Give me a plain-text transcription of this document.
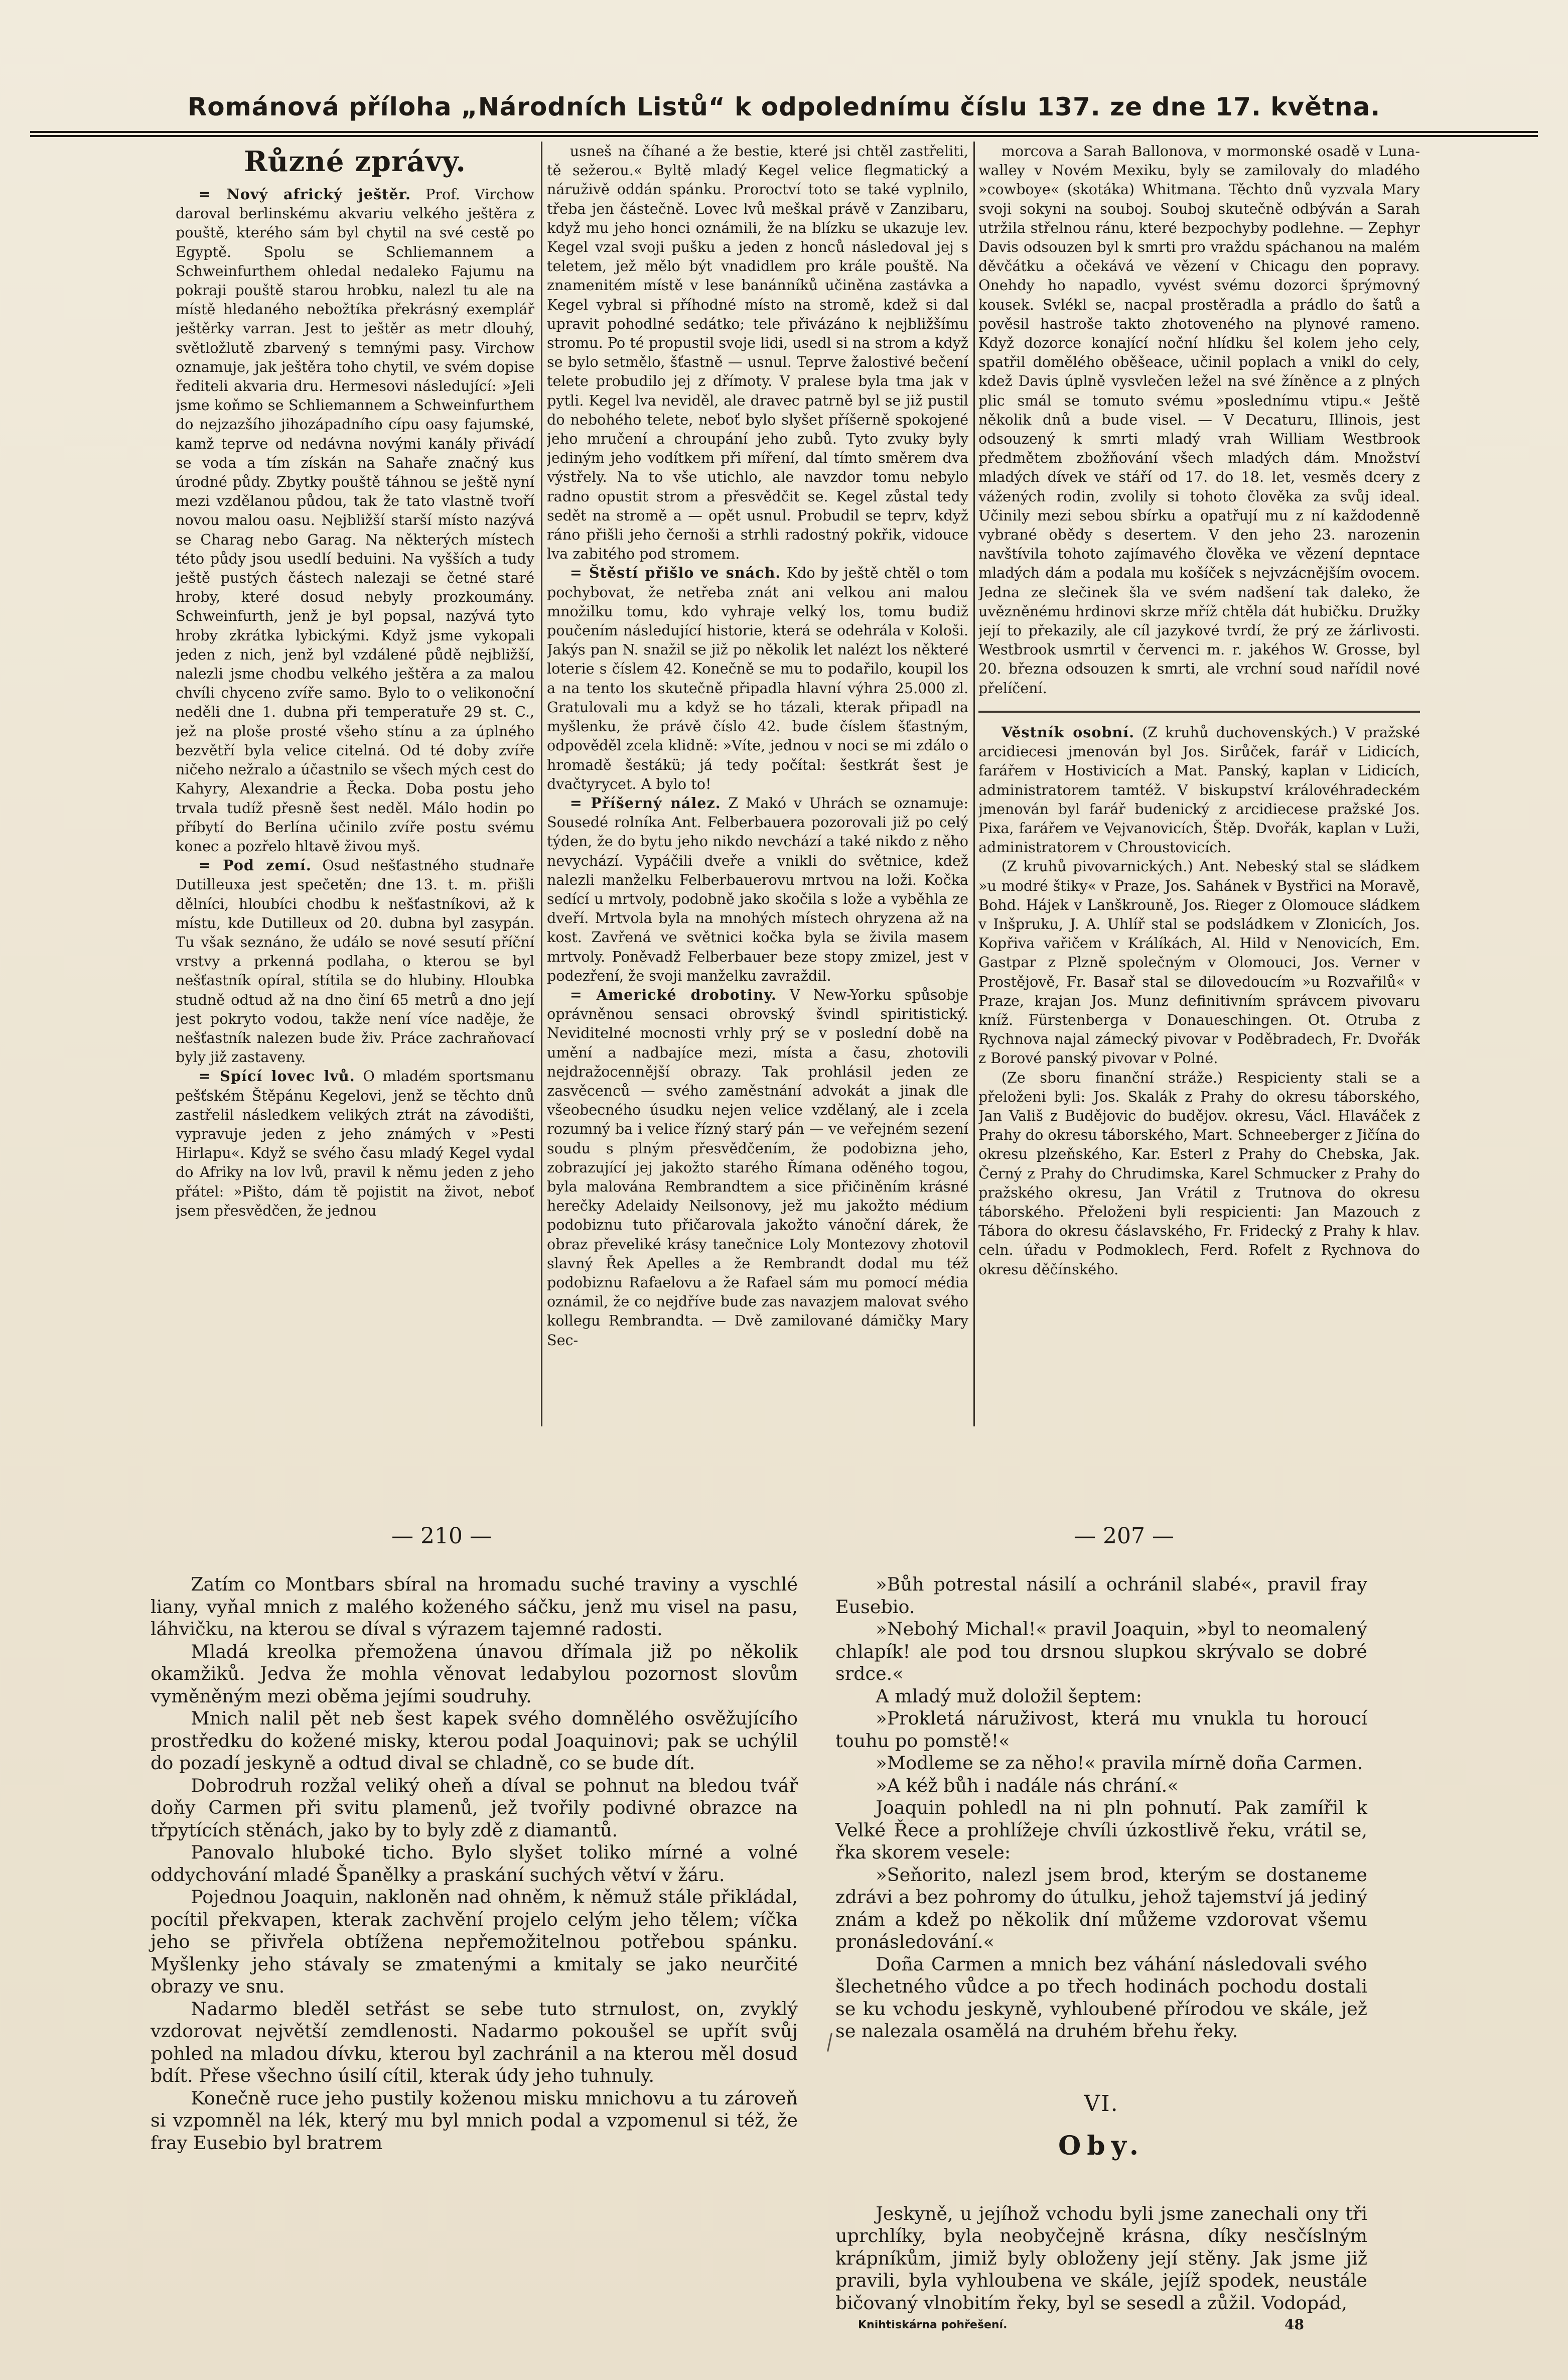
Románová příloha „Národních Listů“ k odpolednímu číslu 137. ze dne 17. května.
Různé zprávy.

= Nový africký ještěr. Prof. Virchow daroval berlinskému akvariu velkého ještěra z pouště, kterého sám byl chytil na své cestě po Egyptě. Spolu se Schliemannem a Schweinfurthem ohledal nedaleko Fajumu na pokraji pouště starou hrobku, nalezl tu ale na místě hledaného nebožtíka překrásný exemplář ještěrky varran. Jest to ještěr as metr dlouhý, světložlutě zbarvený s temnými pasy. Virchow oznamuje, jak ještěra toho chytil, ve svém dopise řediteli akvaria dru. Hermesovi následující: »Jeli jsme koňmo se Schliemannem a Schweinfurthem do nejzazšího jihozápadního cípu oasy fajumské, kamž teprve od nedávna novými kanály přivádí se voda a tím získán na Sahaře značný kus úrodné půdy. Zbytky pouště táhnou se ještě nyní mezi vzdělanou půdou, tak že tato vlastně tvoří novou malou oasu. Nejbližší starší místo nazývá se Charag nebo Garag. Na některých místech této půdy jsou usedlí beduini. Na vyšších a tudy ještě pustých částech nalezaji se četné staré hroby, které dosud nebyly prozkoumány. Schweinfurth, jenž je byl popsal, nazývá tyto hroby zkrátka lybickými. Když jsme vykopali jeden z nich, jenž byl vzdálené půdě nejbližší, nalezli jsme chodbu velkého ještěra a za malou chvíli chyceno zvíře samo. Bylo to o velikonoční neděli dne 1. dubna při temperatuře 29 st. C., jež na ploše prosté všeho stínu a za úplného bezvětří byla velice citelná. Od té doby zvíře ničeho nežralo a účastnilo se všech mých cest do Kahyry, Alexandrie a Řecka. Doba postu jeho trvala tudíž přesně šest neděl. Málo hodin po příbytí do Berlína učinilo zvíře postu svému konec a pozřelo hltavě živou myš.

= Pod zemí. Osud nešťastného studnaře Dutilleuxa jest spečetěn; dne 13. t. m. přišli dělníci, hloubíci chodbu k nešťastníkovi, až k místu, kde Dutilleux od 20. dubna byl zasypán. Tu však seznáno, že událo se nové sesutí příční vrstvy a prkenná podlaha, o kterou se byl nešťastník opíral, stítila se do hlubiny. Hloubka studně odtud až na dno činí 65 metrů a dno její jest pokryto vodou, takže není více naděje, že nešťastník nalezen bude živ. Práce zachraňovací byly již zastaveny.

= Spící lovec lvů. O mladém sportsmanu pešťském Štěpánu Kegelovi, jenž se těchto dnů zastřelil následkem velikých ztrát na závodišti, vypravuje jeden z jeho známých v »Pesti Hirlapu«. Když se svého času mladý Kegel vydal do Afriky na lov lvů, pravil k němu jeden z jeho přátel: »Pišto, dám tě pojistit na život, neboť jsem přesvědčen, že jednou

usneš na číhané a že bestie, které jsi chtěl zastřeliti, tě sežerou.« Byltě mladý Kegel velice flegmatický a náruživě oddán spánku. Proroctví toto se také vyplnilo, třeba jen částečně. Lovec lvů meškal právě v Zanzibaru, když mu jeho honci oznámili, že na blízku se ukazuje lev. Kegel vzal svoji pušku a jeden z honců následoval jej s teletem, jež mělo být vnadidlem pro krále pouště. Na znamenitém místě v lese banánníků učiněna zastávka a Kegel vybral si příhodné místo na stromě, kdež si dal upravit pohodlné sedátko; tele přivázáno k nejbližšímu stromu. Po té propustil svoje lidi, usedl si na strom a když se bylo setmělo, šťastně — usnul. Teprve žalostivé bečení telete probudilo jej z dřímoty. V pralese byla tma jak v pytli. Kegel lva neviděl, ale dravec patrně byl se již pustil do nebohého telete, neboť bylo slyšet příšerně spokojené jeho mručení a chroupání jeho zubů. Tyto zvuky byly jediným jeho vodítkem při míření, dal tímto směrem dva výstřely. Na to vše utichlo, ale navzdor tomu nebylo radno opustit strom a přesvědčit se. Kegel zůstal tedy sedět na stromě a — opět usnul. Probudil se teprv, když ráno přišli jeho černoši a strhli radostný pokřik, vidouce lva zabitého pod stromem.

= Štěstí přišlo ve snách. Kdo by ještě chtěl o tom pochybovat, že netřeba znát ani velkou ani malou množilku tomu, kdo vyhraje velký los, tomu budiž poučením následující historie, která se odehrála v Kološi. Jakýs pan N. snažil se již po několik let nalézt los některé loterie s číslem 42. Konečně se mu to podařilo, koupil los a na tento los skutečně připadla hlavní výhra 25.000 zl. Gratulovali mu a když se ho tázali, kterak připadl na myšlenku, že právě číslo 42. bude číslem šťastným, odpověděl zcela klidně: »Víte, jednou v noci se mi zdálo o hromadě šestákü; já tedy počítal: šestkrát šest je dvačtyrycet. A bylo to!

= Příšerný nález. Z Makó v Uhrách se oznamuje: Sousedé rolníka Ant. Felberbauera pozorovali již po celý týden, že do bytu jeho nikdo nevchází a také nikdo z něho nevychází. Vypáčili dveře a vnikli do světnice, kdež nalezli manželku Felberbauerovu mrtvou na loži. Kočka sedící u mrtvoly, podobně jako skočila s lože a vyběhla ze dveří. Mrtvola byla na mnohých místech ohryzena až na kost. Zavřená ve světnici kočka byla se živila masem mrtvoly. Poněvadž Felberbauer beze stopy zmizel, jest v podezření, že svoji manželku zavraždil.

= Americké drobotiny. V New-Yorku spůsobje oprávněnou sensaci obrovský švindl spiritistický. Neviditelné mocnosti vrhly prý se v poslední době na umění a nadbajíce mezi, místa a času, zhotovili nejdražocennější obrazy. Tak prohlásil jeden ze zasvěcenců — svého zaměstnání advokát a jinak dle všeobecného úsudku nejen velice vzdělaný, ale i zcela rozumný ba i velice řízný starý pán — ve veřejném sezení soudu s plným přesvědčením, že podobizna jeho, zobrazující jej jakožto starého Římana oděného togou, byla malována Rembrandtem a sice přičiněním krásné herečky Adelaidy Neilsonovy, jež mu jakožto médium podobiznu tuto přičarovala jakožto vánoční dárek, že obraz převeliké krásy tanečnice Loly Montezovy zhotovil slavný Řek Apelles a že Rembrandt dodal mu též podobiznu Rafaelovu a že Rafael sám mu pomocí média oznámil, že co nejdříve bude zas navazjem malovat svého kollegu Rembrandta. — Dvě zamilované dámičky Mary Sec-

morcova a Sarah Ballonova, v mormonské osadě v Luna-walley v Novém Mexiku, byly se zamilovaly do mladého »cowboye« (skotáka) Whitmana. Těchto dnů vyzvala Mary svoji sokyni na souboj. Souboj skutečně odbýván a Sarah utržila střelnou ránu, které bezpochyby podlehne. — Zephyr Davis odsouzen byl k smrti pro vraždu spáchanou na malém děvčátku a očekává ve vězení v Chicagu den popravy. Onehdy ho napadlo, vyvést svému dozorci šprýmovný kousek. Svlékl se, nacpal prostěradla a prádlo do šatů a pověsil hastroše takto zhotoveného na plynové rameno. Když dozorce konající noční hlídku šel kolem jeho cely, spatřil domělého oběšeace, učinil poplach a vnikl do cely, kdež Davis úplně vysvlečen ležel na své žíněnce a z plných plic smál se tomuto svému »poslednímu vtipu.« Ještě několik dnů a bude visel. — V Decaturu, Illinois, jest odsouzený k smrti mladý vrah William Westbrook předmětem zbožňování všech mladých dám. Množství mladých dívek ve stáří od 17. do 18. let, vesměs dcery z vážených rodin, zvolily si tohoto člověka za svůj ideal. Učinily mezi sebou sbírku a opatřují mu z ní každodenně vybrané obědy s desertem. V den jeho 23. narozenin navštívila tohoto zajímavého člověka ve vězení depntace mladých dám a podala mu košíček s nejvzácnějším ovocem. Jedna ze slečinek šla ve svém nadšení tak daleko, že uvězněnému hrdinovi skrze mříž chtěla dát hubičku. Družky její to překazily, ale cíl jazykové tvrdí, že prý ze žárlivosti. Westbrook usmrtil v červenci m. r. jakéhos W. Grosse, byl 20. března odsouzen k smrti, ale vrchní soud nařídil nové přelíčení.

Věstník osobní. (Z kruhů duchovenských.) V pražské arcidiecesi jmenován byl Jos. Sirůček, farář v Lidicích, farářem v Hostivicích a Mat. Panský, kaplan v Lidicích, administratorem tamtéž. V biskupství královéhradeckém jmenován byl farář budenický z arcidiecese pražské Jos. Pixa, farářem ve Vejvanovicích, Štěp. Dvořák, kaplan v Luži, administratorem v Chroustovicích.

(Z kruhů pivovarnických.) Ant. Nebeský stal se sládkem »u modré štiky« v Praze, Jos. Sahánek v Bystřici na Moravě, Bohd. Hájek v Lanškrouně, Jos. Rieger z Olomouce sládkem v Inšpruku, J. A. Uhlíř stal se podsládkem v Zlonicích, Jos. Kopřiva vařičem v Králíkách, Al. Hild v Nenovicích, Em. Gastpar z Plzně společným v Olomouci, Jos. Verner v Prostějově, Fr. Basař stal se dilovedoucím »u Rozvařilů« v Praze, krajan Jos. Munz definitivním správcem pivovaru kníž. Fürstenberga v Donaueschingen. Ot. Otruba z Rychnova najal zámecký pivovar v Poděbradech, Fr. Dvořák z Borové panský pivovar v Polné.

(Ze sboru finanční stráže.) Respicienty stali se a přeloženi byli: Jos. Skalák z Prahy do okresu táborského, Jan Vališ z Budějovic do budějov. okresu, Václ. Hlaváček z Prahy do okresu táborského, Mart. Schneeberger z Jičína do okresu plzeňského, Kar. Esterl z Prahy do Chebska, Jak. Černý z Prahy do Chrudimska, Karel Schmucker z Prahy do pražského okresu, Jan Vrátil z Trutnova do okresu táborského. Přeloženi byli respicienti: Jan Mazouch z Tábora do okresu čáslavského, Fr. Fridecký z Prahy k hlav. celn. úřadu v Podmoklech, Ferd. Rofelt z Rychnova do okresu děčínského.

— 210 —	— 207 —

Zatím co Montbars sbíral na hromadu suché traviny a vyschlé liany, vyňal mnich z malého koženého sáčku, jenž mu visel na pasu, láhvičku, na kterou se díval s výrazem tajemné radosti.

Mladá kreolka přemožena únavou dřímala již po několik okamžiků. Jedva že mohla věnovat ledabylou pozornost slovům vyměněným mezi oběma jejími soudruhy.

Mnich nalil pět neb šest kapek svého domnělého osvěžujícího prostředku do kožené misky, kterou podal Joaquinovi; pak se uchýlil do pozadí jeskyně a odtud dival se chladně, co se bude dít.

Dobrodruh rozžal veliký oheň a díval se pohnut na bledou tvář doňy Carmen při svitu plamenů, jež tvořily podivné obrazce na třpytících stěnách, jako by to byly zdě z diamantů.

Panovalo hluboké ticho. Bylo slyšet toliko mírné a volné oddychování mladé Španělky a praskání suchých větví v žáru.

Pojednou Joaquin, nakloněn nad ohněm, k němuž stále přikládal, pocítil překvapen, kterak zachvění projelo celým jeho tělem; víčka jeho se přivřela obtížena nepřemožitelnou potřebou spánku. Myšlenky jeho stávaly se zmatenými a kmitaly se jako neurčité obrazy ve snu.

Nadarmo bleděl setřást se sebe tuto strnulost, on, zvyklý vzdorovat největší zemdlenosti. Nadarmo pokoušel se upřít svůj pohled na mladou dívku, kterou byl zachránil a na kterou měl dosud bdít. Přese všechno úsilí cítil, kterak údy jeho tuhnuly.

Konečně ruce jeho pustily koženou misku mnichovu a tu zároveň si vzpomněl na lék, který mu byl mnich podal a vzpomenul si též, že fray Eusebio byl bratrem

»Bůh potrestal násilí a ochránil slabé«, pravil fray Eusebio.

»Nebohý Michal!« pravil Joaquin, »byl to neomalený chlapík! ale pod tou drsnou slupkou skrývalo se dobré srdce.«

A mladý muž doložil šeptem:

»Prokletá náruživost, která mu vnukla tu horoucí touhu po pomstě!«

»Modleme se za něho!« pravila mírně doña Carmen.

»A kéž bůh i nadále nás chrání.«

Joaquin pohledl na ni pln pohnutí. Pak zamířil k Velké Řece a prohlížeje chvíli úzkostlivě řeku, vrátil se, řka skorem vesele:

»Seňorito, nalezl jsem brod, kterým se dostaneme zdrávi a bez pohromy do útulku, jehož tajemství já jediný znám a kdež po několik dní můžeme vzdorovat všemu pronásledování.«

Doña Carmen a mnich bez váhání následovali svého šlechetného vůdce a po třech hodinách pochodu dostali se ku vchodu jeskyně, vyhloubené přírodou ve skále, jež se nalezala osamělá na druhém břehu řeky.

VI.
Oby.

Jeskyně, u jejíhož vchodu byli jsme zanechali ony tři uprchlíky, byla neobyčejně krásna, díky nesčíslným krápníkům, jimiž byly obloženy její stěny. Jak jsme již pravili, byla vyhloubena ve skále, jejíž spodek, neustále bičovaný vlnobitím řeky, byl se sesedl a zůžil. Vodopád,

Knihtiskárna pohřešení.	48
